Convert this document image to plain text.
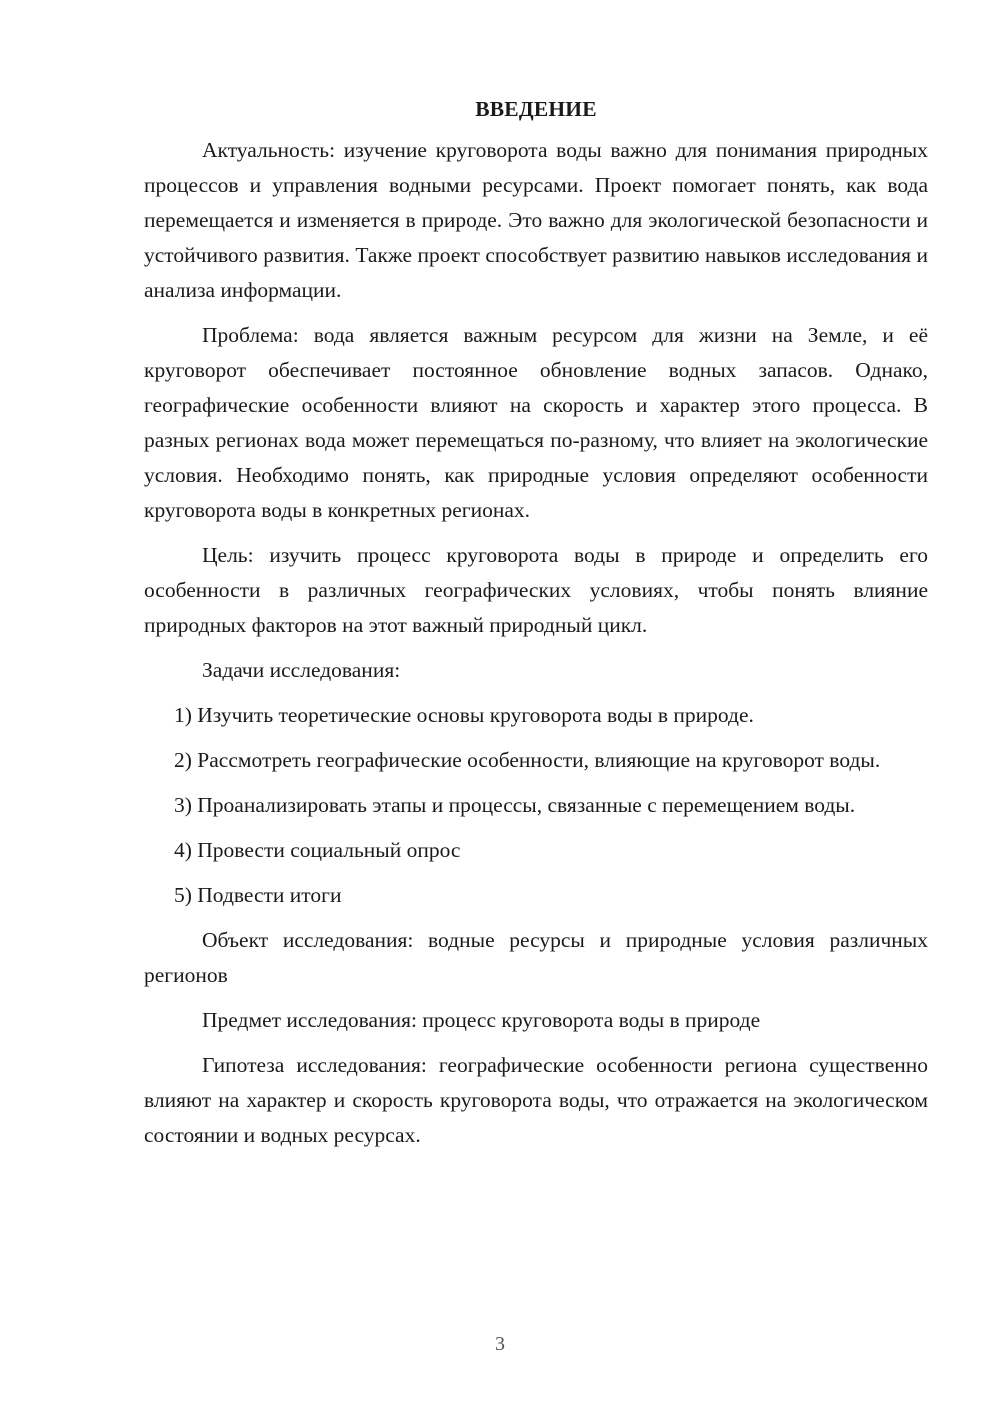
ВВЕДЕНИЕ

Актуальность: изучение круговорота воды важно для понимания природных процессов и управления водными ресурсами. Проект помогает понять, как вода перемещается и изменяется в природе. Это важно для экологической безопасности и устойчивого развития. Также проект способствует развитию навыков исследования и анализа информации.

Проблема: вода является важным ресурсом для жизни на Земле, и её круговорот обеспечивает постоянное обновление водных запасов. Однако, географические особенности влияют на скорость и характер этого процесса. В разных регионах вода может перемещаться по-разному, что влияет на экологические условия. Необходимо понять, как природные условия определяют особенности круговорота воды в конкретных регионах.

Цель: изучить процесс круговорота воды в природе и определить его особенности в различных географических условиях, чтобы понять влияние природных факторов на этот важный природный цикл.

Задачи исследования:

1) Изучить теоретические основы круговорота воды в природе.

2) Рассмотреть географические особенности, влияющие на круговорот воды.

3) Проанализировать этапы и процессы, связанные с перемещением воды.

4) Провести социальный опрос

5) Подвести итоги

Объект исследования: водные ресурсы и природные условия различных регионов

Предмет исследования: процесс круговорота воды в природе

Гипотеза исследования: географические особенности региона существенно влияют на характер и скорость круговорота воды, что отражается на экологическом состоянии и водных ресурсах.

3
